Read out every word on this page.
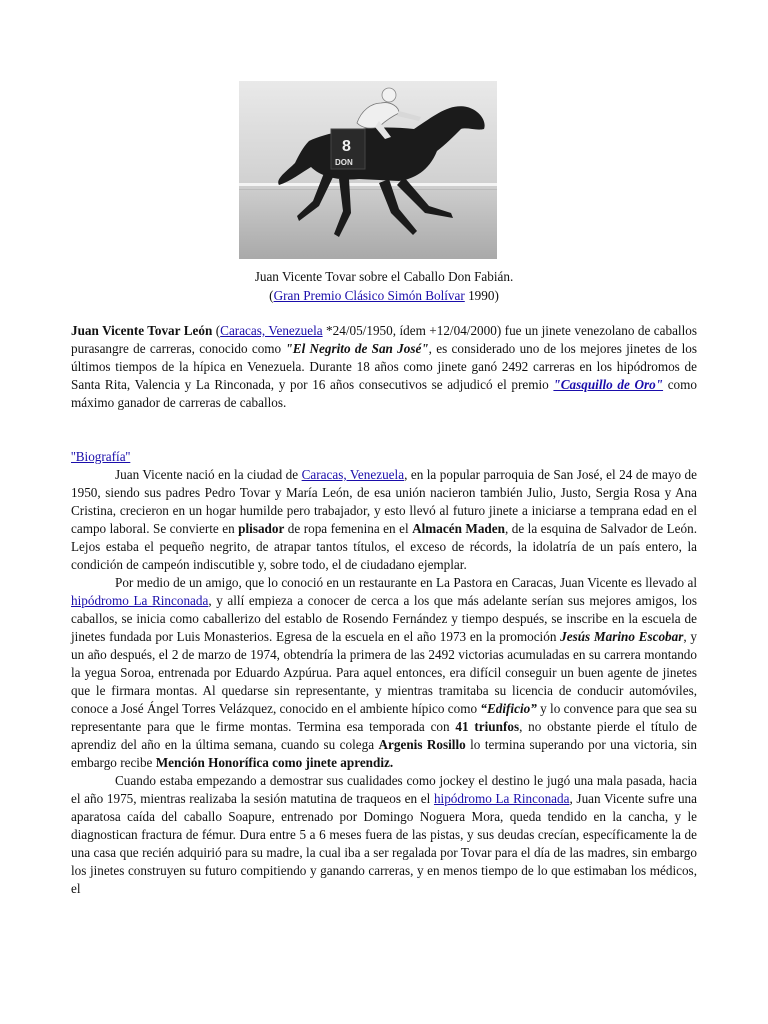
8
DON
Juan Vicente Tovar sobre el Caballo Don Fabián.
(Gran Premio Clásico Simón Bolívar 1990)

Juan Vicente Tovar León (Caracas, Venezuela *24/05/1950, ídem +12/04/2000) fue un jinete venezolano de caballos purasangre de carreras, conocido como "El Negrito de San José", es considerado uno de los mejores jinetes de los últimos tiempos de la hípica en Venezuela. Durante 18 años como jinete ganó 2492 carreras en los hipódromos de Santa Rita, Valencia y La Rinconada, y por 16 años consecutivos se adjudicó el premio "Casquillo de Oro" como máximo ganador de carreras de caballos.

''Biografía''

Juan Vicente nació en la ciudad de Caracas, Venezuela, en la popular parroquia de San José, el 24 de mayo de 1950, siendo sus padres Pedro Tovar y María León, de esa unión nacieron también Julio, Justo, Sergia Rosa y Ana Cristina, crecieron en un hogar humilde pero trabajador, y esto llevó al futuro jinete a iniciarse a temprana edad en el campo laboral. Se convierte en plisador de ropa femenina en el Almacén Maden, de la esquina de Salvador de León. Lejos estaba el pequeño negrito, de atrapar tantos títulos, el exceso de récords, la idolatría de un país entero, la condición de campeón indiscutible y, sobre todo, el de ciudadano ejemplar.

Por medio de un amigo, que lo conoció en un restaurante en La Pastora en Caracas, Juan Vicente es llevado al hipódromo La Rinconada, y allí empieza a conocer de cerca a los que más adelante serían sus mejores amigos, los caballos, se inicia como caballerizo del establo de Rosendo Fernández y tiempo después, se inscribe en la escuela de jinetes fundada por Luis Monasterios. Egresa de la escuela en el año 1973 en la promoción Jesús Marino Escobar, y un año después, el 2 de marzo de 1974, obtendría la primera de las 2492 victorias acumuladas en su carrera montando la yegua Soroa, entrenada por Eduardo Azpúrua. Para aquel entonces, era difícil conseguir un buen agente de jinetes que le firmara montas. Al quedarse sin representante, y mientras tramitaba su licencia de conducir automóviles, conoce a José Ángel Torres Velázquez, conocido en el ambiente hípico como “Edificio” y lo convence para que sea su representante para que le firme montas. Termina esa temporada con 41 triunfos, no obstante pierde el título de aprendiz del año en la última semana, cuando su colega Argenis Rosillo lo termina superando por una victoria, sin embargo recibe Mención Honorífica como jinete aprendiz.

Cuando estaba empezando a demostrar sus cualidades como jockey el destino le jugó una mala pasada, hacia el año 1975, mientras realizaba la sesión matutina de traqueos en el hipódromo La Rinconada, Juan Vicente sufre una aparatosa caída del caballo Soapure, entrenado por Domingo Noguera Mora, queda tendido en la cancha, y le diagnostican fractura de fémur. Dura entre 5 a 6 meses fuera de las pistas, y sus deudas crecían, específicamente la de una casa que recién adquirió para su madre, la cual iba a ser regalada por Tovar para el día de las madres, sin embargo los jinetes construyen su futuro compitiendo y ganando carreras, y en menos tiempo de lo que estimaban los médicos, el
